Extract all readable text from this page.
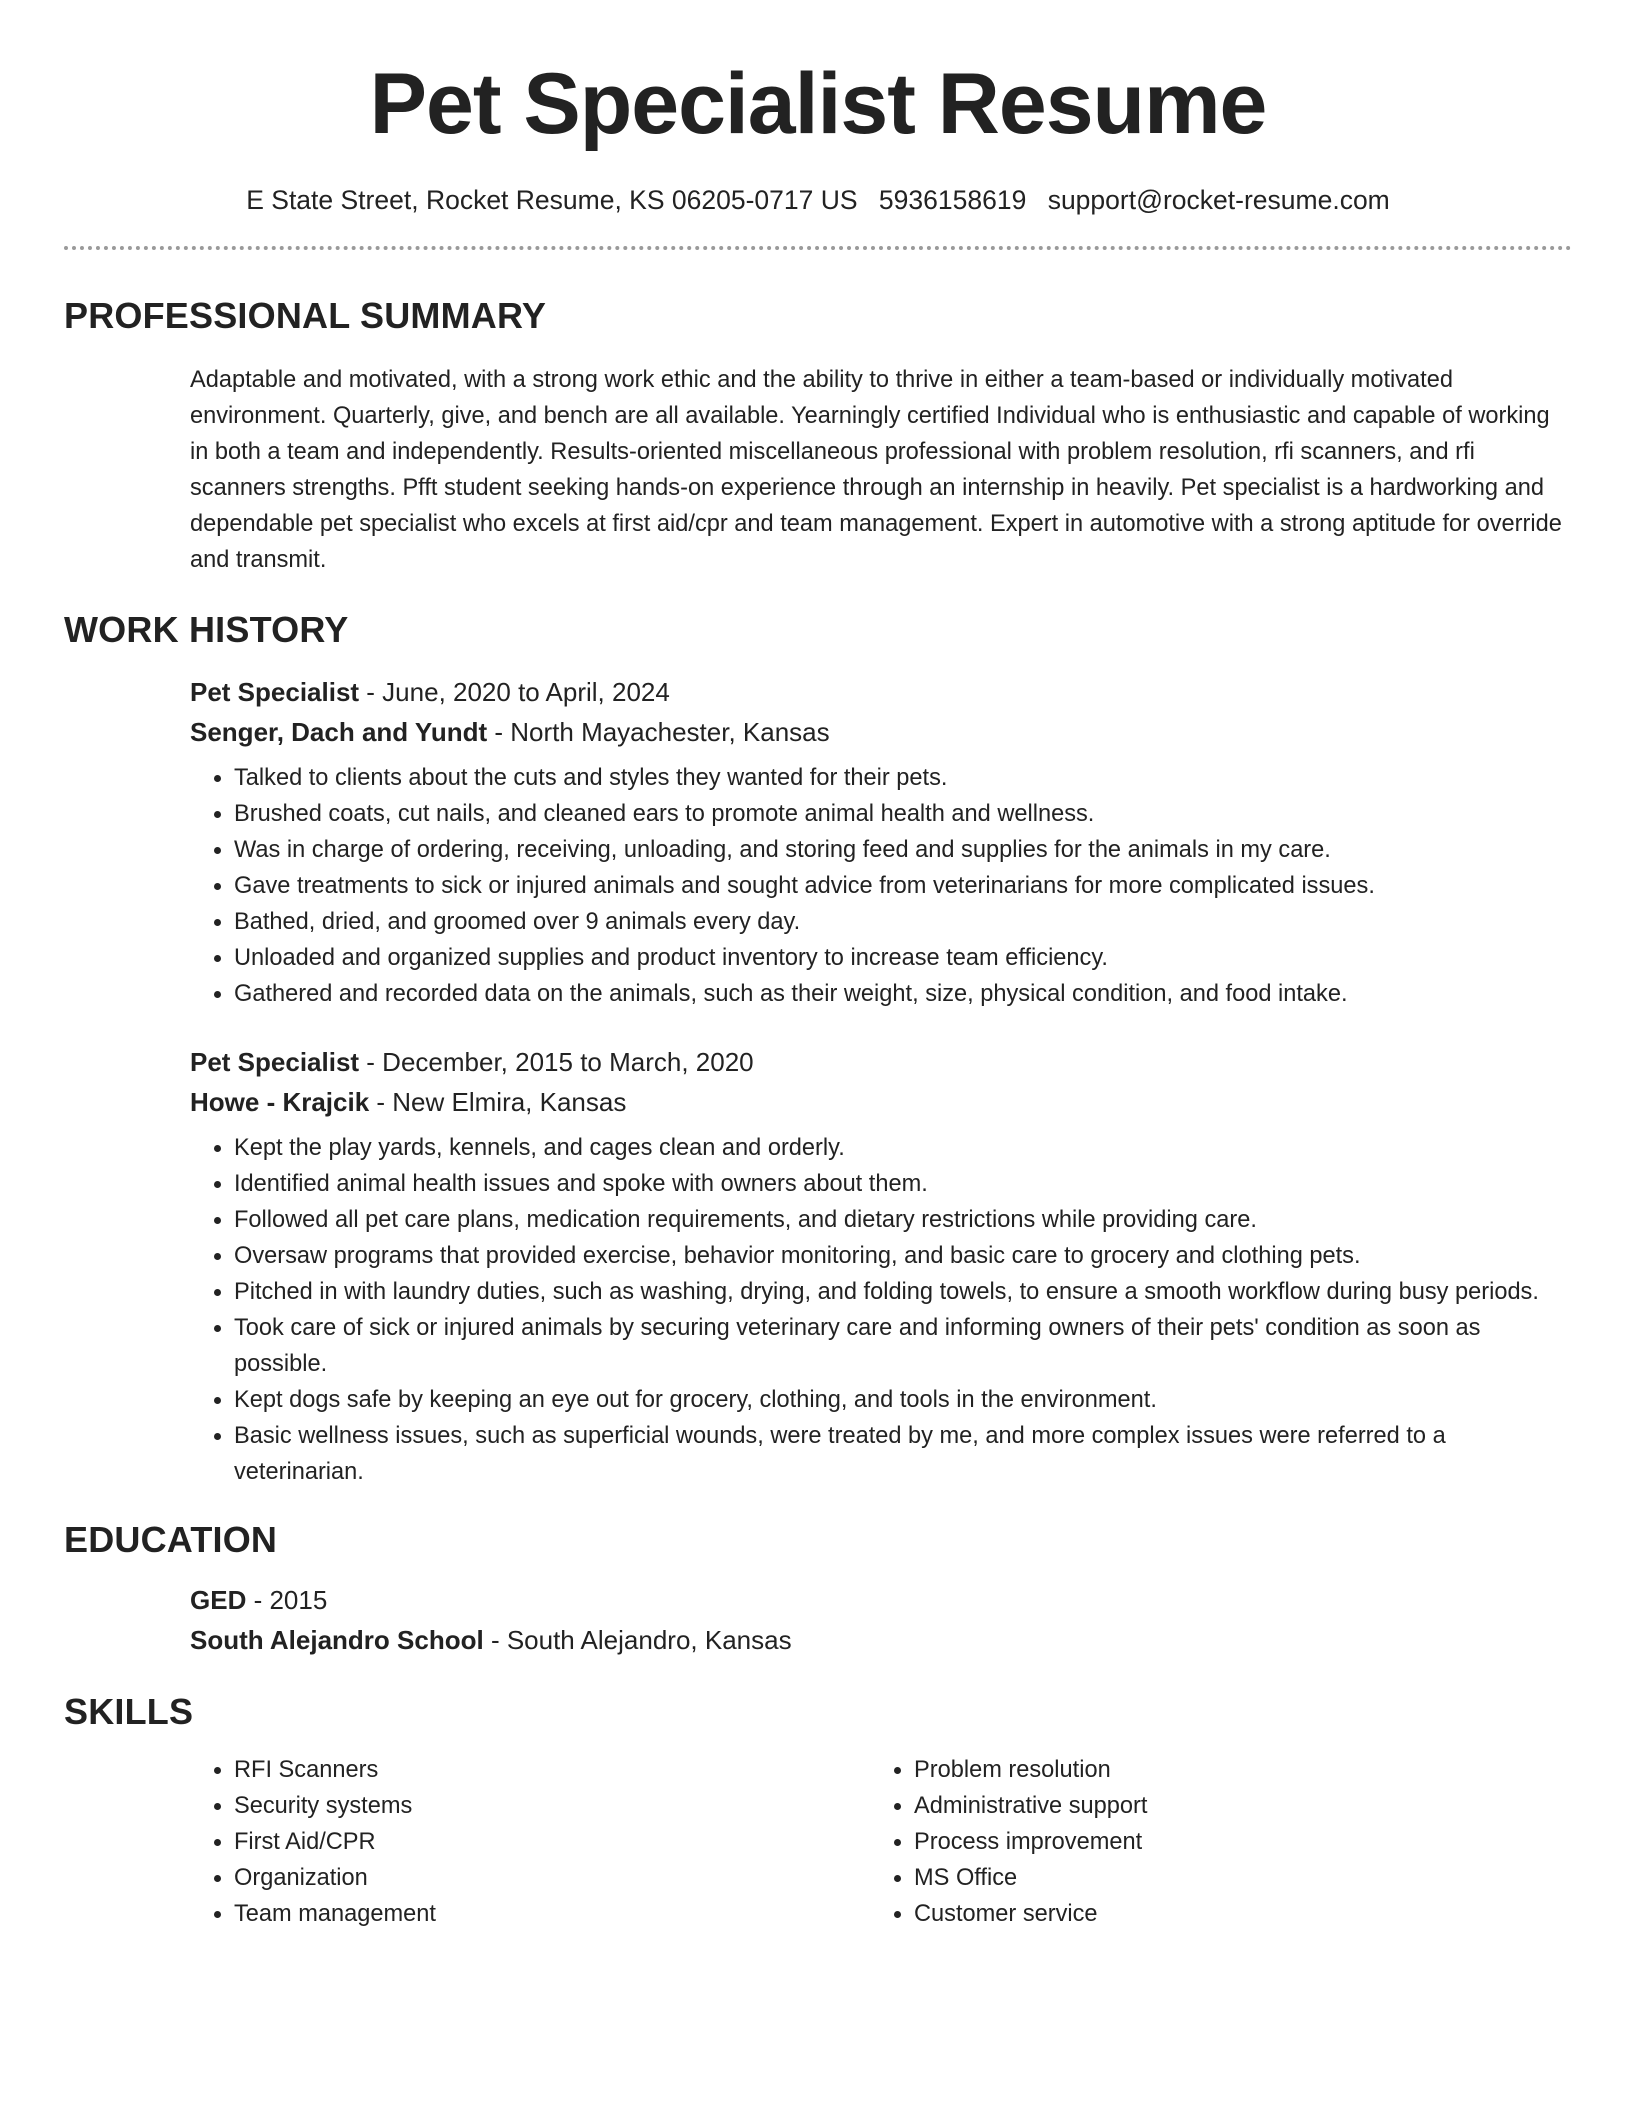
Pet Specialist Resume
E State Street, Rocket Resume, KS 06205-0717 US 5936158619 support@rocket-resume.com
PROFESSIONAL SUMMARY

Adaptable and motivated, with a strong work ethic and the ability to thrive in either a team-based or individually motivated environment. Quarterly, give, and bench are all available. Yearningly certified Individual who is enthusiastic and capable of working in both a team and independently. Results-oriented miscellaneous professional with problem resolution, rfi scanners, and rfi scanners strengths. Pfft student seeking hands-on experience through an internship in heavily. Pet specialist is a hardworking and dependable pet specialist who excels at first aid/cpr and team management. Expert in automotive with a strong aptitude for override and transmit.

WORK HISTORY
Pet Specialist - June, 2020 to April, 2024
Senger, Dach and Yundt - North Mayachester, Kansas
• Talked to clients about the cuts and styles they wanted for their pets.
• Brushed coats, cut nails, and cleaned ears to promote animal health and wellness.
• Was in charge of ordering, receiving, unloading, and storing feed and supplies for the animals in my care.
• Gave treatments to sick or injured animals and sought advice from veterinarians for more complicated issues.
• Bathed, dried, and groomed over 9 animals every day.
• Unloaded and organized supplies and product inventory to increase team efficiency.
• Gathered and recorded data on the animals, such as their weight, size, physical condition, and food intake.
Pet Specialist - December, 2015 to March, 2020
Howe - Krajcik - New Elmira, Kansas
• Kept the play yards, kennels, and cages clean and orderly.
• Identified animal health issues and spoke with owners about them.
• Followed all pet care plans, medication requirements, and dietary restrictions while providing care.
• Oversaw programs that provided exercise, behavior monitoring, and basic care to grocery and clothing pets.
• Pitched in with laundry duties, such as washing, drying, and folding towels, to ensure a smooth workflow during busy periods.
• Took care of sick or injured animals by securing veterinary care and informing owners of their pets' condition as soon as possible.
• Kept dogs safe by keeping an eye out for grocery, clothing, and tools in the environment.
• Basic wellness issues, such as superficial wounds, were treated by me, and more complex issues were referred to a veterinarian.
EDUCATION
GED - 2015
South Alejandro School - South Alejandro, Kansas
SKILLS
• RFI Scanners
• Security systems
• First Aid/CPR
• Organization
• Team management
• Problem resolution
• Administrative support
• Process improvement
• MS Office
• Customer service
